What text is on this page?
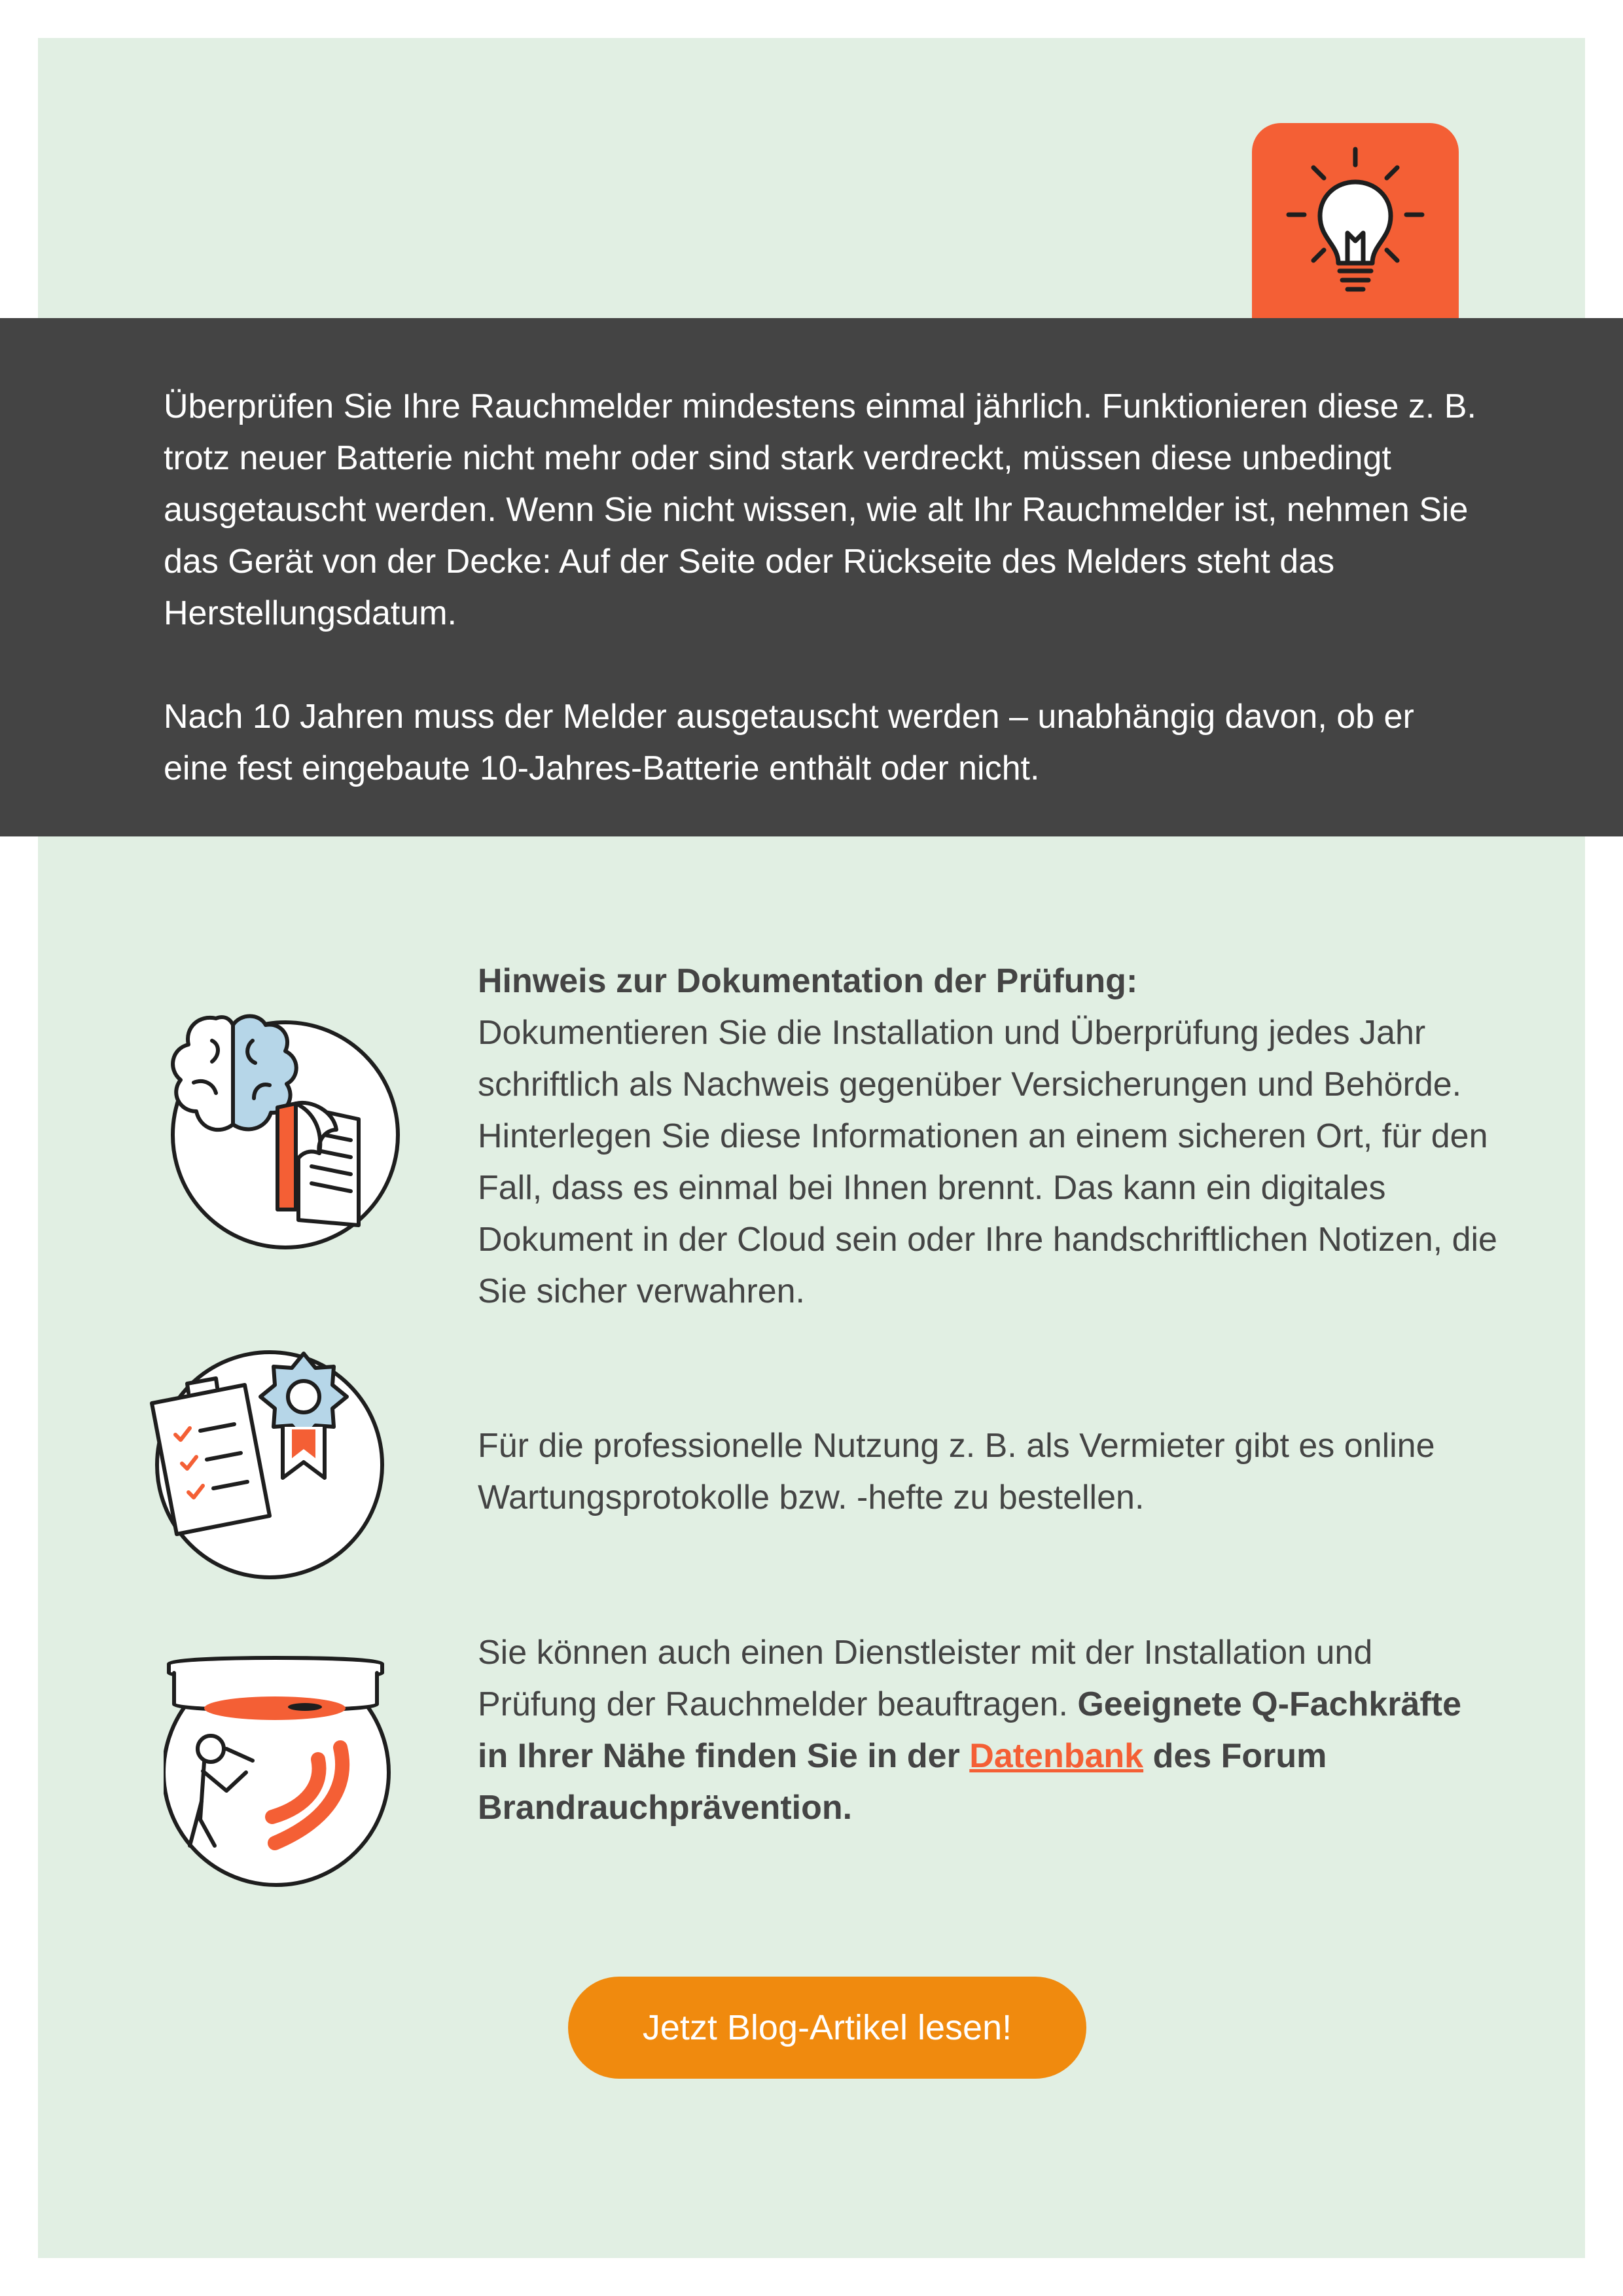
Überprüfen Sie Ihre Rauchmelder mindestens einmal jährlich. Funktionieren diese z. B. trotz neuer Batterie nicht mehr oder sind stark verdreckt, müssen diese unbedingt ausgetauscht werden. Wenn Sie nicht wissen, wie alt Ihr Rauchmelder ist, nehmen Sie das Gerät von der Decke: Auf der Seite oder Rückseite des Melders steht das Herstellungsdatum.

Nach 10 Jahren muss der Melder ausgetauscht werden – unabhängig davon, ob er eine fest eingebaute 10-Jahres-Batterie enthält oder nicht.

Hinweis zur Dokumentation der Prüfung:

Dokumentieren Sie die Installation und Überprüfung jedes Jahr schriftlich als Nachweis gegenüber Versicherungen und Behörde. Hinterlegen Sie diese Informationen an einem sicheren Ort, für den Fall, dass es einmal bei Ihnen brennt. Das kann ein digitales Dokument in der Cloud sein oder Ihre handschriftlichen Notizen, die Sie sicher verwahren.

Für die professionelle Nutzung z. B. als Vermieter gibt es online Wartungsprotokolle bzw. -hefte zu bestellen.

Sie können auch einen Dienstleister mit der Installation und Prüfung der Rauchmelder beauftragen. Geeignete Q-Fachkräfte in Ihrer Nähe finden Sie in der Datenbank des Forum Brandrauchprävention.

Jetzt Blog-Artikel lesen!
